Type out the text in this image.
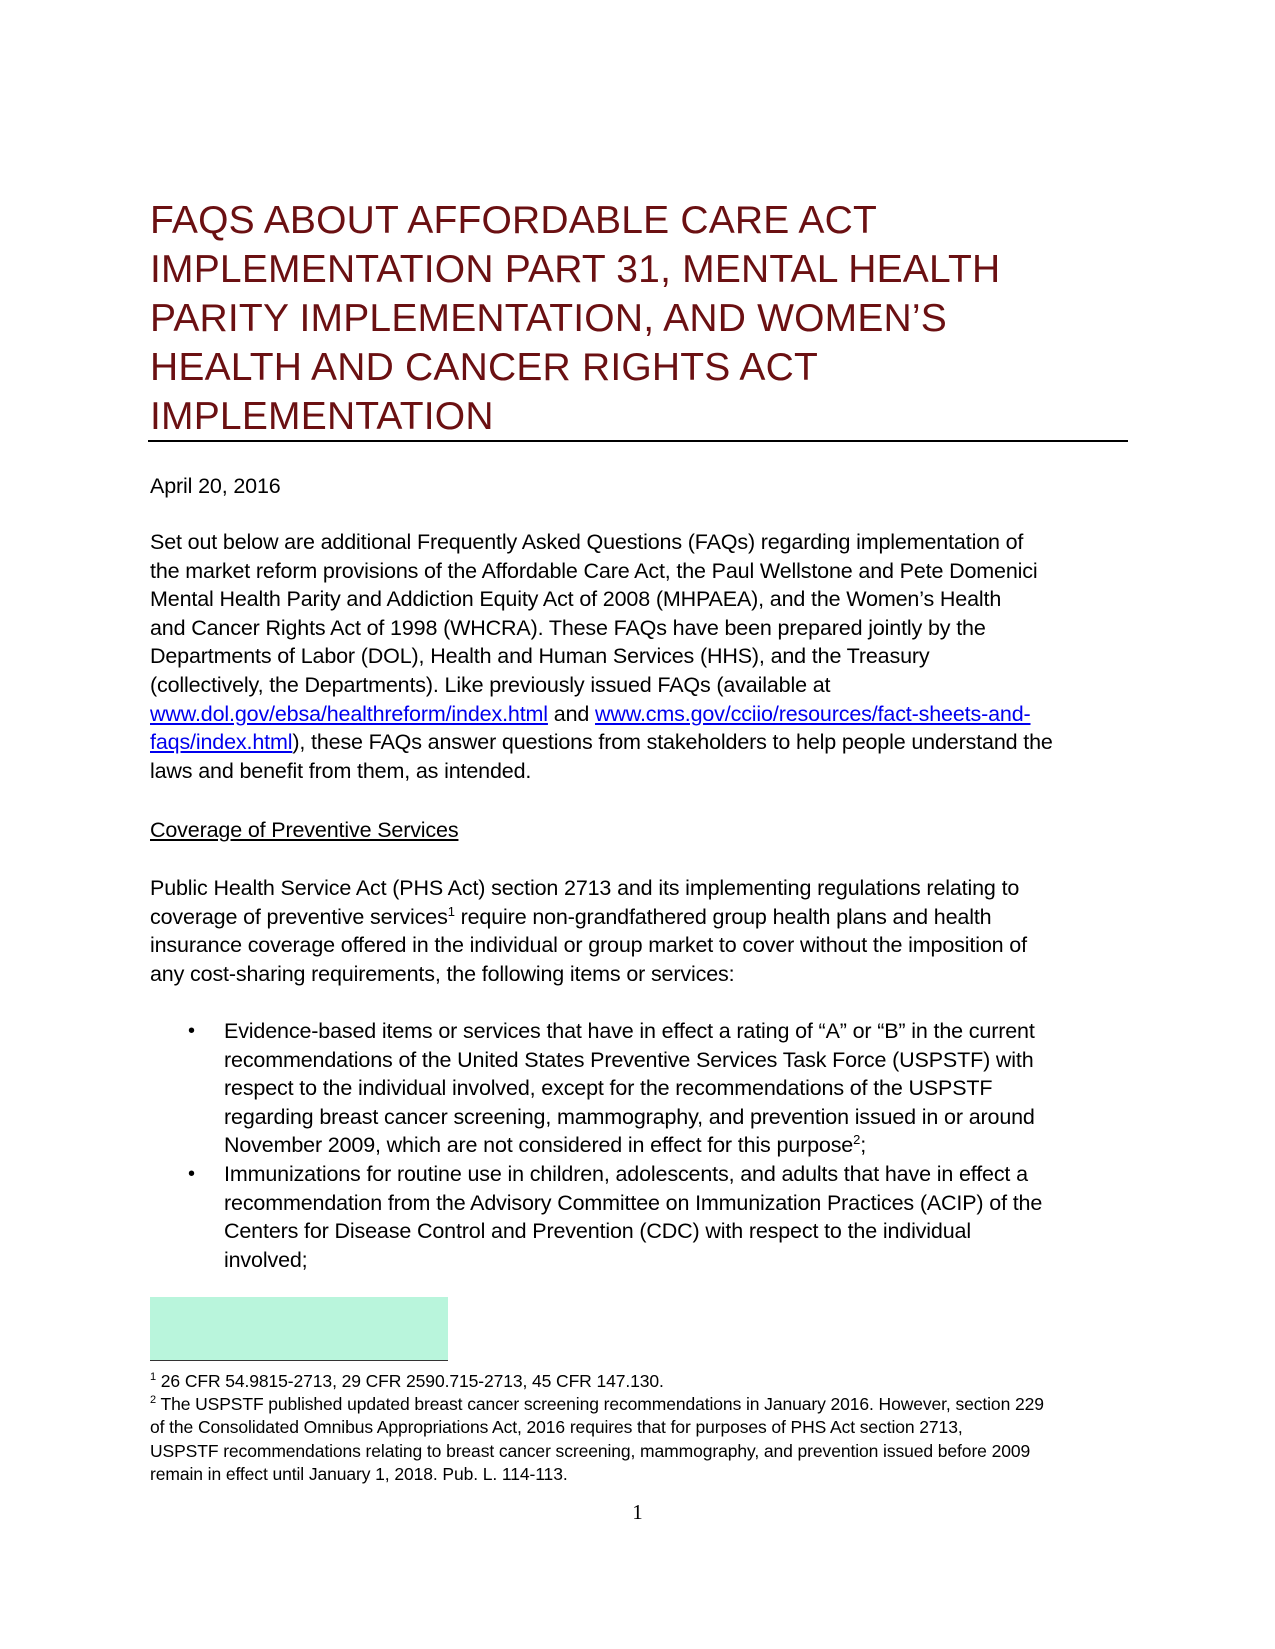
FAQS ABOUT AFFORDABLE CARE ACT
IMPLEMENTATION PART 31, MENTAL HEALTH
PARITY IMPLEMENTATION, AND WOMEN’S
HEALTH AND CANCER RIGHTS ACT
IMPLEMENTATION
April 20, 2016
Set out below are additional Frequently Asked Questions (FAQs) regarding implementation of
the market reform provisions of the Affordable Care Act, the Paul Wellstone and Pete Domenici
Mental Health Parity and Addiction Equity Act of 2008 (MHPAEA), and the Women’s Health
and Cancer Rights Act of 1998 (WHCRA). These FAQs have been prepared jointly by the
Departments of Labor (DOL), Health and Human Services (HHS), and the Treasury
(collectively, the Departments). Like previously issued FAQs (available at
www.dol.gov/ebsa/healthreform/index.html and www.cms.gov/cciio/resources/fact-sheets-and-
faqs/index.html), these FAQs answer questions from stakeholders to help people understand the
laws and benefit from them, as intended.
Coverage of Preventive Services
Public Health Service Act (PHS Act) section 2713 and its implementing regulations relating to
coverage of preventive services$^1$ require non-grandfathered group health plans and health
insurance coverage offered in the individual or group market to cover without the imposition of
any cost-sharing requirements, the following items or services:
• Evidence-based items or services that have in effect a rating of “A” or “B” in the current
recommendations of the United States Preventive Services Task Force (USPSTF) with
respect to the individual involved, except for the recommendations of the USPSTF
regarding breast cancer screening, mammography, and prevention issued in or around
November 2009, which are not considered in effect for this purpose$^2$;
• Immunizations for routine use in children, adolescents, and adults that have in effect a
recommendation from the Advisory Committee on Immunization Practices (ACIP) of the
Centers for Disease Control and Prevention (CDC) with respect to the individual
involved;
$^1$ 26 CFR 54.9815-2713, 29 CFR 2590.715-2713, 45 CFR 147.130.
$^2$ The USPSTF published updated breast cancer screening recommendations in January 2016. However, section 229
of the Consolidated Omnibus Appropriations Act, 2016 requires that for purposes of PHS Act section 2713,
USPSTF recommendations relating to breast cancer screening, mammography, and prevention issued before 2009
remain in effect until January 1, 2018. Pub. L. 114-113.
1
